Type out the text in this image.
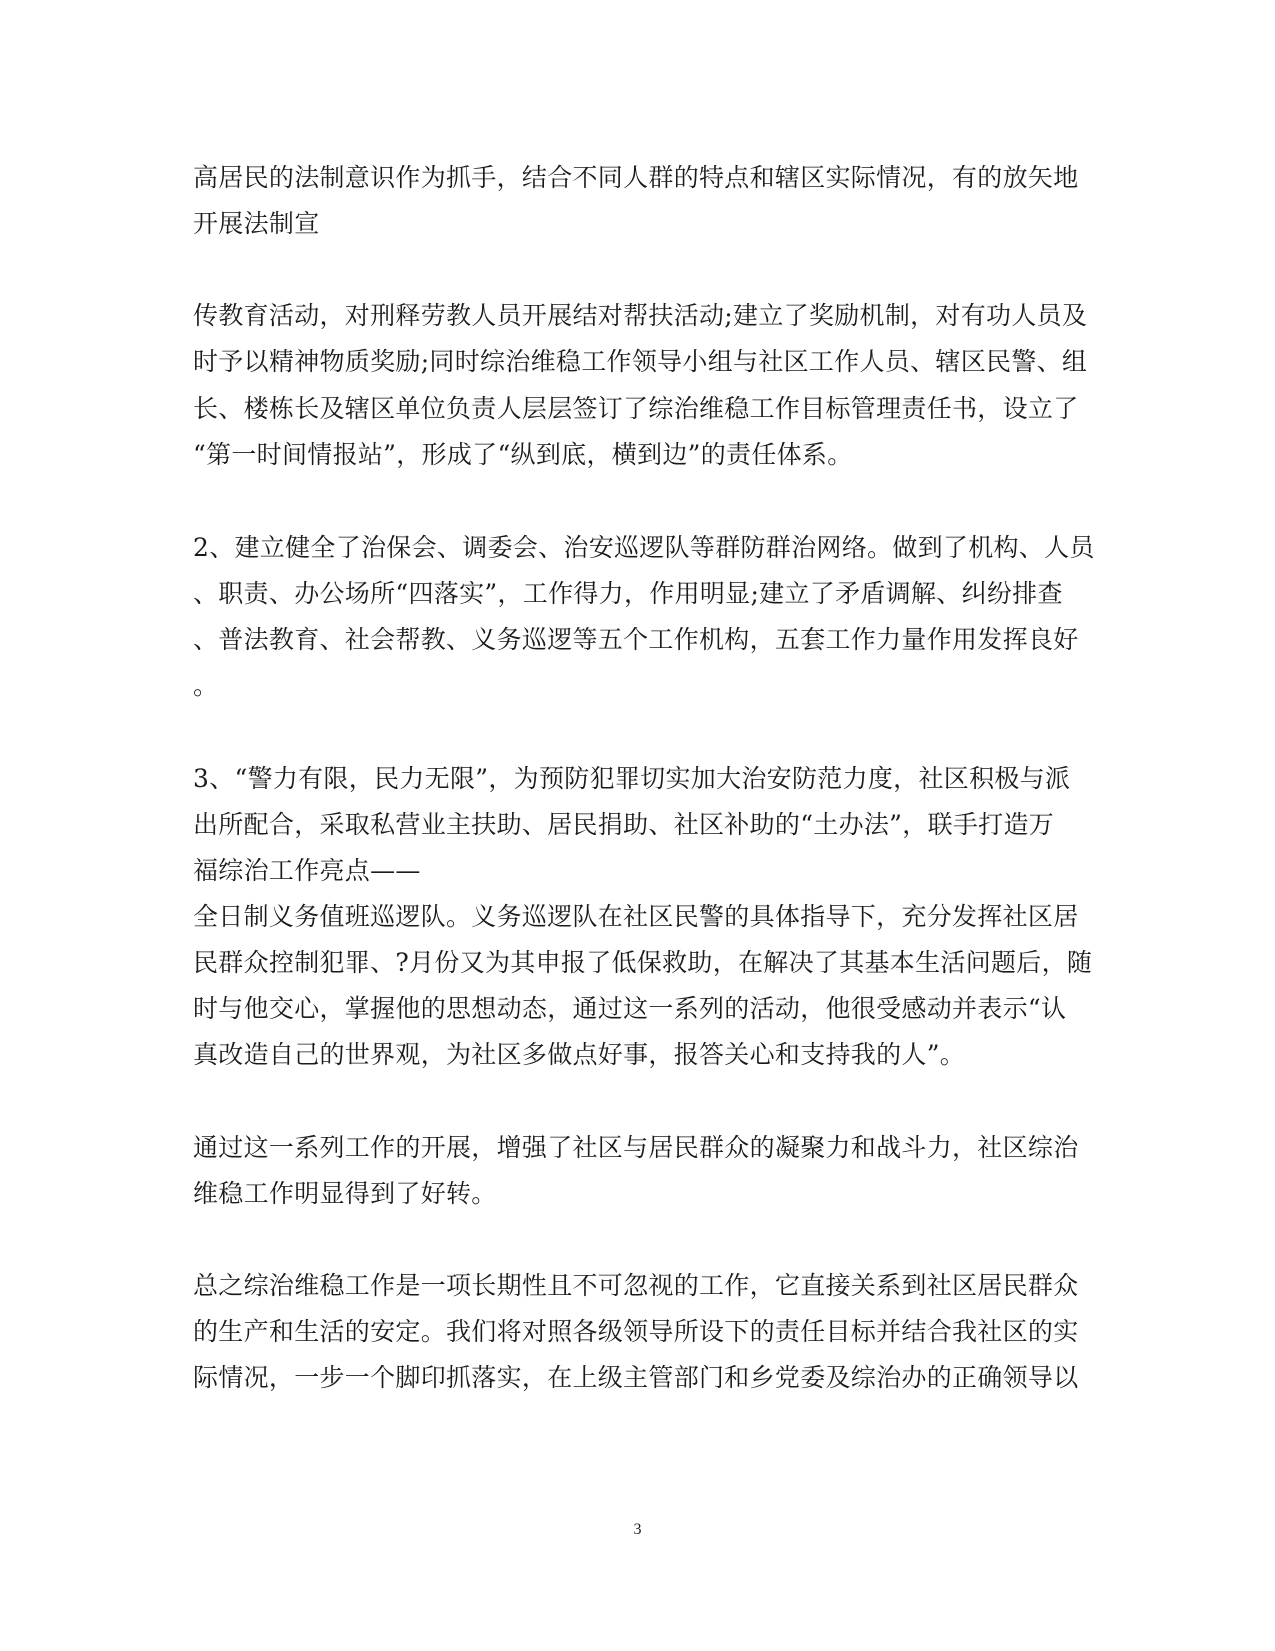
高居民的法制意识作为抓手，结合不同人群的特点和辖区实际情况，有的放矢地
开展法制宣
传教育活动，对刑释劳教人员开展结对帮扶活动;建立了奖励机制，对有功人员及
时予以精神物质奖励;同时综治维稳工作领导小组与社区工作人员、辖区民警、组
长、楼栋长及辖区单位负责人层层签订了综治维稳工作目标管理责任书，设立了
“第一时间情报站”，形成了“纵到底，横到边”的责任体系。
2、建立健全了治保会、调委会、治安巡逻队等群防群治网络。做到了机构、人员
、职责、办公场所“四落实”，工作得力，作用明显;建立了矛盾调解、纠纷排查
、普法教育、社会帮教、义务巡逻等五个工作机构，五套工作力量作用发挥良好
。
3、“警力有限，民力无限”，为预防犯罪切实加大治安防范力度，社区积极与派
出所配合，采取私营业主扶助、居民捐助、社区补助的“土办法”，联手打造万
福综治工作亮点——
全日制义务值班巡逻队。义务巡逻队在社区民警的具体指导下，充分发挥社区居
民群众控制犯罪、?月份又为其申报了低保救助，在解决了其基本生活问题后，随
时与他交心，掌握他的思想动态，通过这一系列的活动，他很受感动并表示“认
真改造自己的世界观，为社区多做点好事，报答关心和支持我的人”。
通过这一系列工作的开展，增强了社区与居民群众的凝聚力和战斗力，社区综治
维稳工作明显得到了好转。
总之综治维稳工作是一项长期性且不可忽视的工作，它直接关系到社区居民群众
的生产和生活的安定。我们将对照各级领导所设下的责任目标并结合我社区的实
际情况，一步一个脚印抓落实，在上级主管部门和乡党委及综治办的正确领导以
3
